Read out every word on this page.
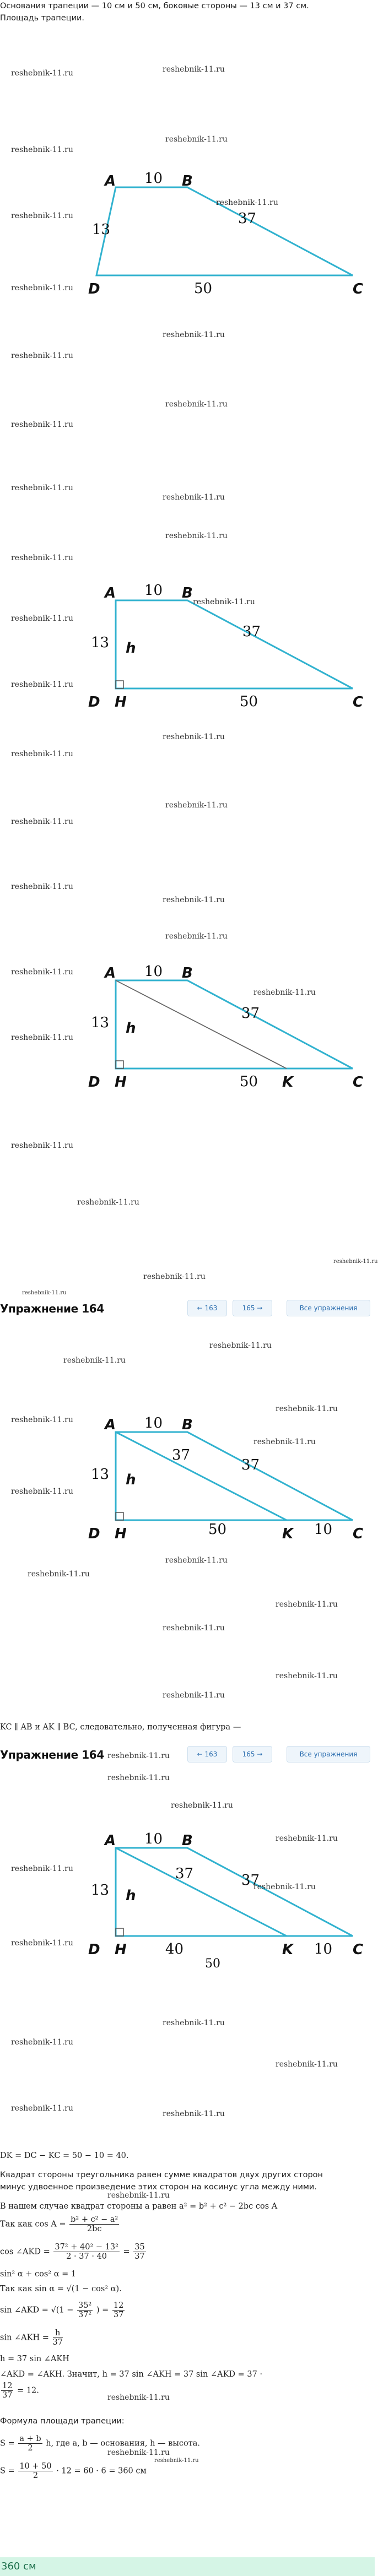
Основания трапеции — 10 см и 50 см, боковые стороны — 13 см и 37 см.
Площадь трапеции.
A	B
C
D
10
13
37
50
A	B
C
D H
h
10
13
37
50
A	B
C
D H	K
h
10
13
37
50
Упражнение 164	← 163	165 →	Все упражнения
A	B
C
D H	K
h
10
13
37
37
50	10
KC ∥ AB и AK ∥ BC, следовательно, полученная фигура —
Упражнение 164	← 163	165 →	Все упражнения
A	B
C
D H	K
h
10
13
37	37
40
50
10
DK = DC − KC = 50 − 10 = 40.
Квадрат стороны треугольника равен сумме квадратов двух других сторон
минус удвоенное произведение этих сторон на косинус угла между ними.
В нашем случае квадрат стороны a равен a² = b² + c² − 2bc cos A
Так как $\cos A = \frac{\text{b² + c² − a²}}{2bc}$
cos ∠AKD = $\frac{\text{37² + 40² − 13²}}{2 \cdot 37 \cdot 40} = \frac{35}{37}$
sin² α + cos² α = 1
Так как sin α = √(1 − cos² α).
sin ∠AKD = $√(1 - \frac{\text{35²}}{\text{37²}}$ ) = $\frac{12}{37}$
sin ∠AKH = $\frac{h}{37}$
h = 37 sin ∠AKH
∠AKD = ∠AKH. Значит, h = 37 sin ∠AKH = 37 sin ∠AKD = 37 ·
$\frac{12}{37} = 12$.
Формула площади трапеции:
$S = \frac{a + b}{2} h$, где a, b — основания, h — высота.
$S = \frac{10 + 50}{2} \cdot 12 = 60 \cdot 6 = 360$ см
reshebnik-11.ru	reshebnik-11.ru
reshebnik-11.ru
reshebnik-11.ru
reshebnik-11.ru
reshebnik-11.ru
reshebnik-11.ru
reshebnik-11.ru
reshebnik-11.ru
reshebnik-11.ru
reshebnik-11.ru
reshebnik-11.ru
reshebnik-11.ru
reshebnik-11.ru
reshebnik-11.ru
reshebnik-11.ru
reshebnik-11.ru
reshebnik-11.ru
reshebnik-11.ru
reshebnik-11.ru
reshebnik-11.ru
reshebnik-11.ru
reshebnik-11.ru
reshebnik-11.ru
reshebnik-11.ru
reshebnik-11.ru
reshebnik-11.ru
reshebnik-11.ru
reshebnik-11.ru
reshebnik-11.ru
reshebnik-11.ru
reshebnik-11.ru
reshebnik-11.ru
reshebnik-11.ru
reshebnik-11.ru
reshebnik-11.ru
reshebnik-11.ru
reshebnik-11.ru
reshebnik-11.ru
reshebnik-11.ru
reshebnik-11.ru
reshebnik-11.ru
reshebnik-11.ru
reshebnik-11.ru
reshebnik-11.ru
reshebnik-11.ru
reshebnik-11.ru
reshebnik-11.ru
reshebnik-11.ru
reshebnik-11.ru
reshebnik-11.ru
reshebnik-11.ru
reshebnik-11.ru
reshebnik-11.ru
reshebnik-11.ru
reshebnik-11.ru
reshebnik-11.ru
reshebnik-11.ru
reshebnik-11.ru
reshebnik-11.ru
reshebnik-11.ru
360 см
